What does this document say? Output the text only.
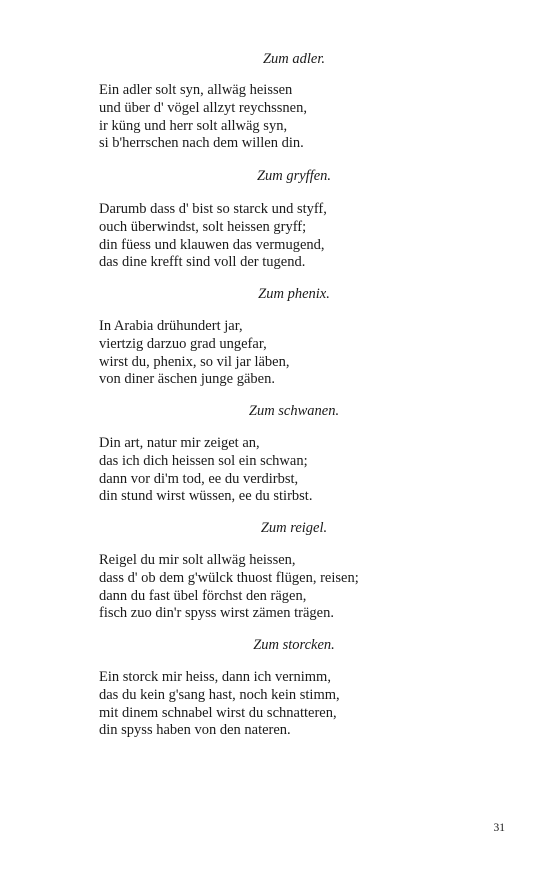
Zum adler.

Ein adler solt syn, allwäg heissen

und über d' vögel allzyt reychssnen,

ir küng und herr solt allwäg syn,

si b'herrschen nach dem willen din.

Zum gryffen.

Darumb dass d' bist so starck und styff,

ouch überwindst, solt heissen gryff;

din füess und klauwen das vermugend,

das dine krefft sind voll der tugend.

Zum phenix.

In Arabia drühundert jar,

viertzig darzuo grad ungefar,

wirst du, phenix, so vil jar läben,

von diner äschen junge gäben.

Zum schwanen.

Din art, natur mir zeiget an,

das ich dich heissen sol ein schwan;

dann vor di'm tod, ee du verdirbst,

din stund wirst wüssen, ee du stirbst.

Zum reigel.

Reigel du mir solt allwäg heissen,

dass d' ob dem g'wülck thuost flügen, reisen;

dann du fast übel förchst den rägen,

fisch zuo din'r spyss wirst zämen trägen.

Zum storcken.

Ein storck mir heiss, dann ich vernimm,

das du kein g'sang hast, noch kein stimm,

mit dinem schnabel wirst du schnatteren,

din spyss haben von den nateren.

31
